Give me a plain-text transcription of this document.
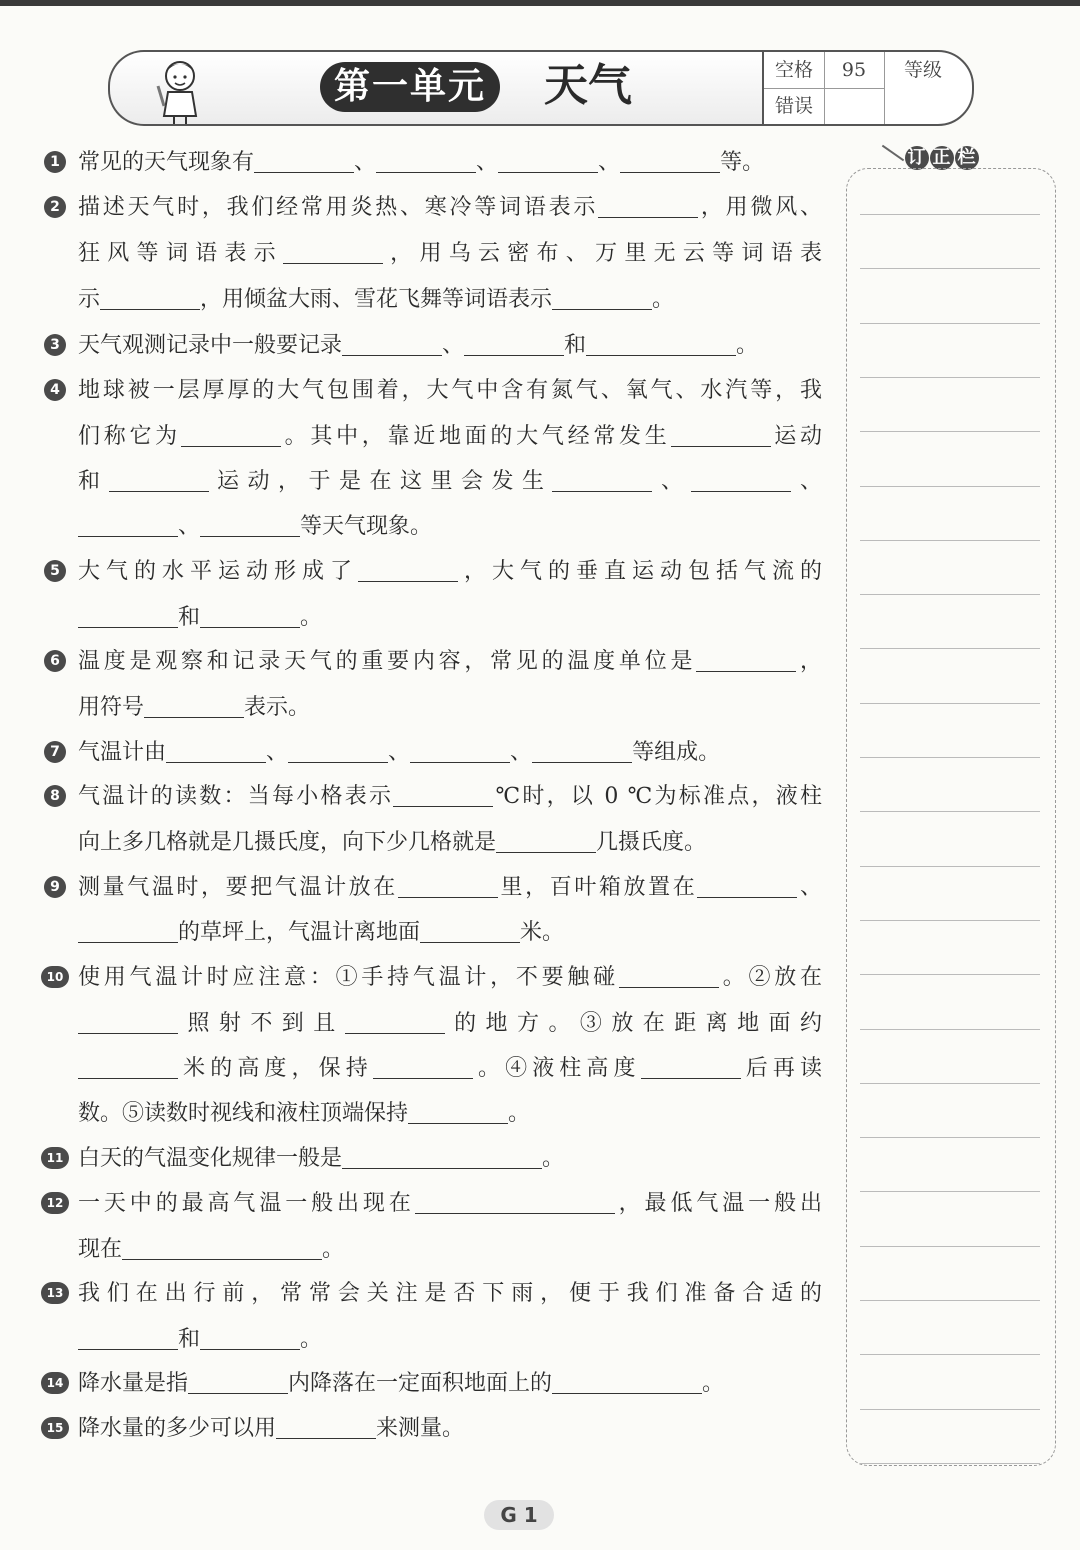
第一单元	天气	空格	95	等级
错误
1 常见的天气现象有	、	、	、	等。
2 描述天气时，我们经常用炎热、寒冷等词语表示	，用微风、
狂风等词语表示	，用乌云密布、万里无云等词语表
示	，用倾盆大雨、雪花飞舞等词语表示	。
3 天气观测记录中一般要记录	、	和	。
4 地球被一层厚厚的大气包围着，大气中含有氮气、氧气、水汽等，我
们称它为	。其中，靠近地面的大气经常发生	运动
和	运动，于是在这里会发生	、	、
、	等天气现象。
5 大气的水平运动形成了	，大气的垂直运动包括气流的
和	。
6 温度是观察和记录天气的重要内容，常见的温度单位是	，
用符号	表示。
7 气温计由	、	、	、	等组成。
8 气温计的读数：当每小格表示	℃时，以 0 ℃为标准点，液柱
向上多几格就是几摄氏度，向下少几格就是	几摄氏度。
9 测量气温时，要把气温计放在	里，百叶箱放置在	、
的草坪上，气温计离地面	米。
10 使用气温计时应注意：①手持气温计，不要触碰	。②放在
照射不到且	的地方。③放在距离地面约
米的高度，保持	。④液柱高度	后再读
数。⑤读数时视线和液柱顶端保持	。
11 白天的气温变化规律一般是	。
12 一天中的最高气温一般出现在	，最低气温一般出
现在	。
13 我们在出行前，常常会关注是否下雨，便于我们准备合适的
和	。
14 降水量是指	内降落在一定面积地面上的	。
15 降水量的多少可以用	来测量。
订 正 栏
G 1
